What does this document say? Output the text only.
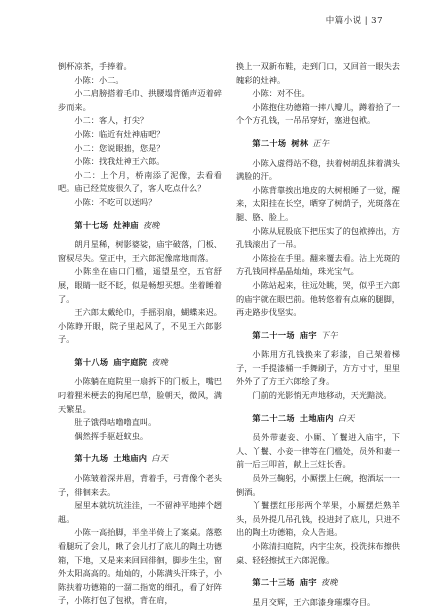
中篇小说 | 37

倒杯凉茶，手捧着。

小陈：小二。

小二肩膀搭着毛巾、拱腰塌背循声迈着碎步而来。

小二：客人，打尖？

小陈：临近有灶神庙吧？

小二：您说眼拙，您是？

小陈：找我灶神王六郎。

小二：上个月，桥南添了泥像，去看看吧。庙已经荒废很久了，客人吃点什么？

小陈：不吃可以送吗？

第十七场 灶神庙 夜晚

朗月星稀，树影婆娑，庙宇破落，门板、窗棂尽失。堂正中，王六郎泥像席地而落。

小陈坐在庙口门槛，遥望星空，五官舒展，眼睛一眨不眨，似是畅想买想。坐着睡着了。

王六郎太戴纶巾，手摇羽扇，蝴蝶来迟。小陈睁开眼，院子里起风了，不见王六郎影子。

第十八场 庙宇庭院 夜晚

小陈躺在庭院里一扇拆下的门板上，嘴巴叼着狸米梗去的狗尾巴草，脸朝天，微风，满天繁星。

肚子饿得咕噜噜直叫。

偶然挥手驱赶蚊虫。

第十九场 土地庙内 白天

小陈皱着深井眉，背着手，弓背像个老头子，徘徊来去。

屋里本就坑坑洼洼，一不留神平地摔个趔趄。

小陈一高抬脚，半坐半倚上了案桌。落憨看腿玩了会儿，瞅了会儿打了底儿的陶土功德箱，下地，又是来来回回徘徊，脚步生尘，窗外太阳高高的。灿灿的，小陈满头汗珠子，小陈扶着功德箱的一溜二指宽的细孔，看了好阵子，小陈打包了包袱，背在肩，

换上一双新布鞋，走到门口，又回首一眼失去魄彩的灶神。

小陈：对不住。

小陈抱住功德箱一摔八瓣儿，蹲着拾了一个个方孔钱，一吊吊穿好，塞进包袱。

第二十场 树林 正午

小陈入虚得站不稳，扶着树胡乱抹着满头满脸的汗。

小陈背靠挨出地皮的大树根睡了一觉，醒来，太阳挂在长空，晒穿了树荫子，光斑落在腿、胳、脸上。

小陈从屁股底下把压实了的包袱捧出，方孔钱滚出了一吊。

小陈捡在手里。翻来覆去看。沾上光斑的方孔钱同样晶晶灿灿，珠光宝气。

小陈站起来，往远处眺，哭，似乎王六郎的庙宇就在眼巴前。他转悠着有点麻的腿脚，再走路步伐坚实。

第二十一场 庙宇 下午

小陈用方孔钱换来了彩漆，自己架着梯子，一手提漆桶一手舞刷子，方方寸寸，里里外外了了方王六郎绘了身。

门前的光影悄无声地移动，天光黯淡。

第二十二场 土地庙内 白天

员外带妻妾、小厮、丫鬟进入庙宇，下人、丫鬟、小妾一律等在门槛处，员外和妻一前一后三叩首，献上三炷长香。

员外三鞠躬，小厮摆上仨碗，抱酒坛一一倒酒。

丫鬟摆红彤彤两个苹果，小厮摆烂熟羊头，员外提几吊孔钱，投进封了底儿，只进不出的陶土功德箱，众人告退。

小陈清扫庭院，内宇尘灰，投洗抹布擦供桌、轻轻擦拭王六郎泥像。

第二十三场 庙宇 夜晚

星月交辉，王六郎漆身璀璨夺目。
